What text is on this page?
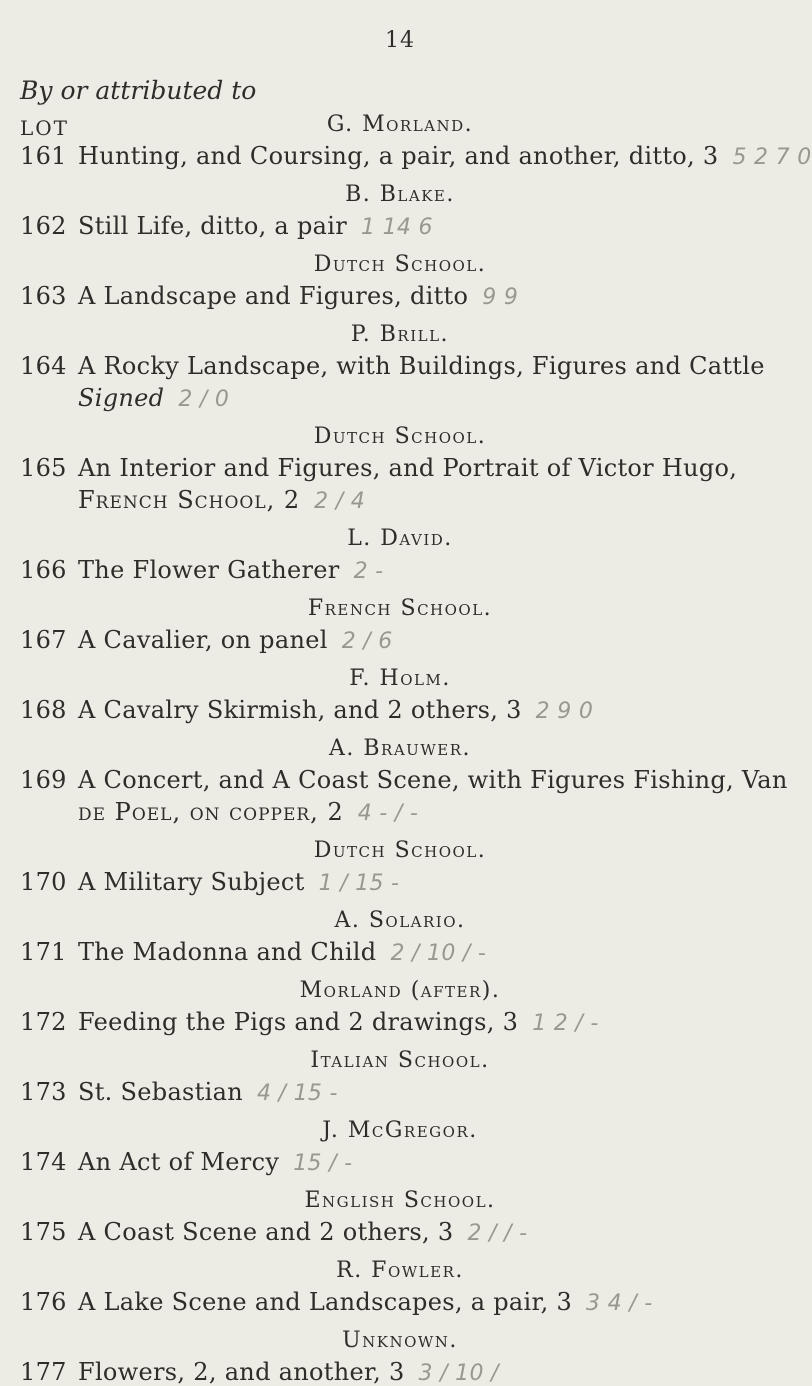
14
By or attributed to
LOT	G. Morland.
161 Hunting, and Coursing, a pair, and another, ditto, 3 5 2 7 0
B. Blake.
162 Still Life, ditto, a pair 1 14 6
Dutch School.
163 A Landscape and Figures, ditto 9 9
P. Brill.
164 A Rocky Landscape, with Buildings, Figures and Cattle
Signed 2 / 0
Dutch School.
165 An Interior and Figures, and Portrait of Victor Hugo,
French School, 2 2 / 4
L. David.
166 The Flower Gatherer 2 -
French School.
167 A Cavalier, on panel 2 / 6
F. Holm.
168 A Cavalry Skirmish, and 2 others, 3 2 9 0
A. Brauwer.
169 A Concert, and A Coast Scene, with Figures Fishing, Van
de Poel, on copper, 2 4 - / -
Dutch School.
170 A Military Subject 1 / 15 -
A. Solario.
171 The Madonna and Child 2 / 10 / -
Morland (after).
172 Feeding the Pigs and 2 drawings, 3 1 2 / -
Italian School.
173 St. Sebastian 4 / 15 -
J. McGregor.
174 An Act of Mercy 15 / -
English School.
175 A Coast Scene and 2 others, 3 2 / / -
R. Fowler.
176 A Lake Scene and Landscapes, a pair, 3 3 4 / -
Unknown.
177 Flowers, 2, and another, 3 3 / 10 /
